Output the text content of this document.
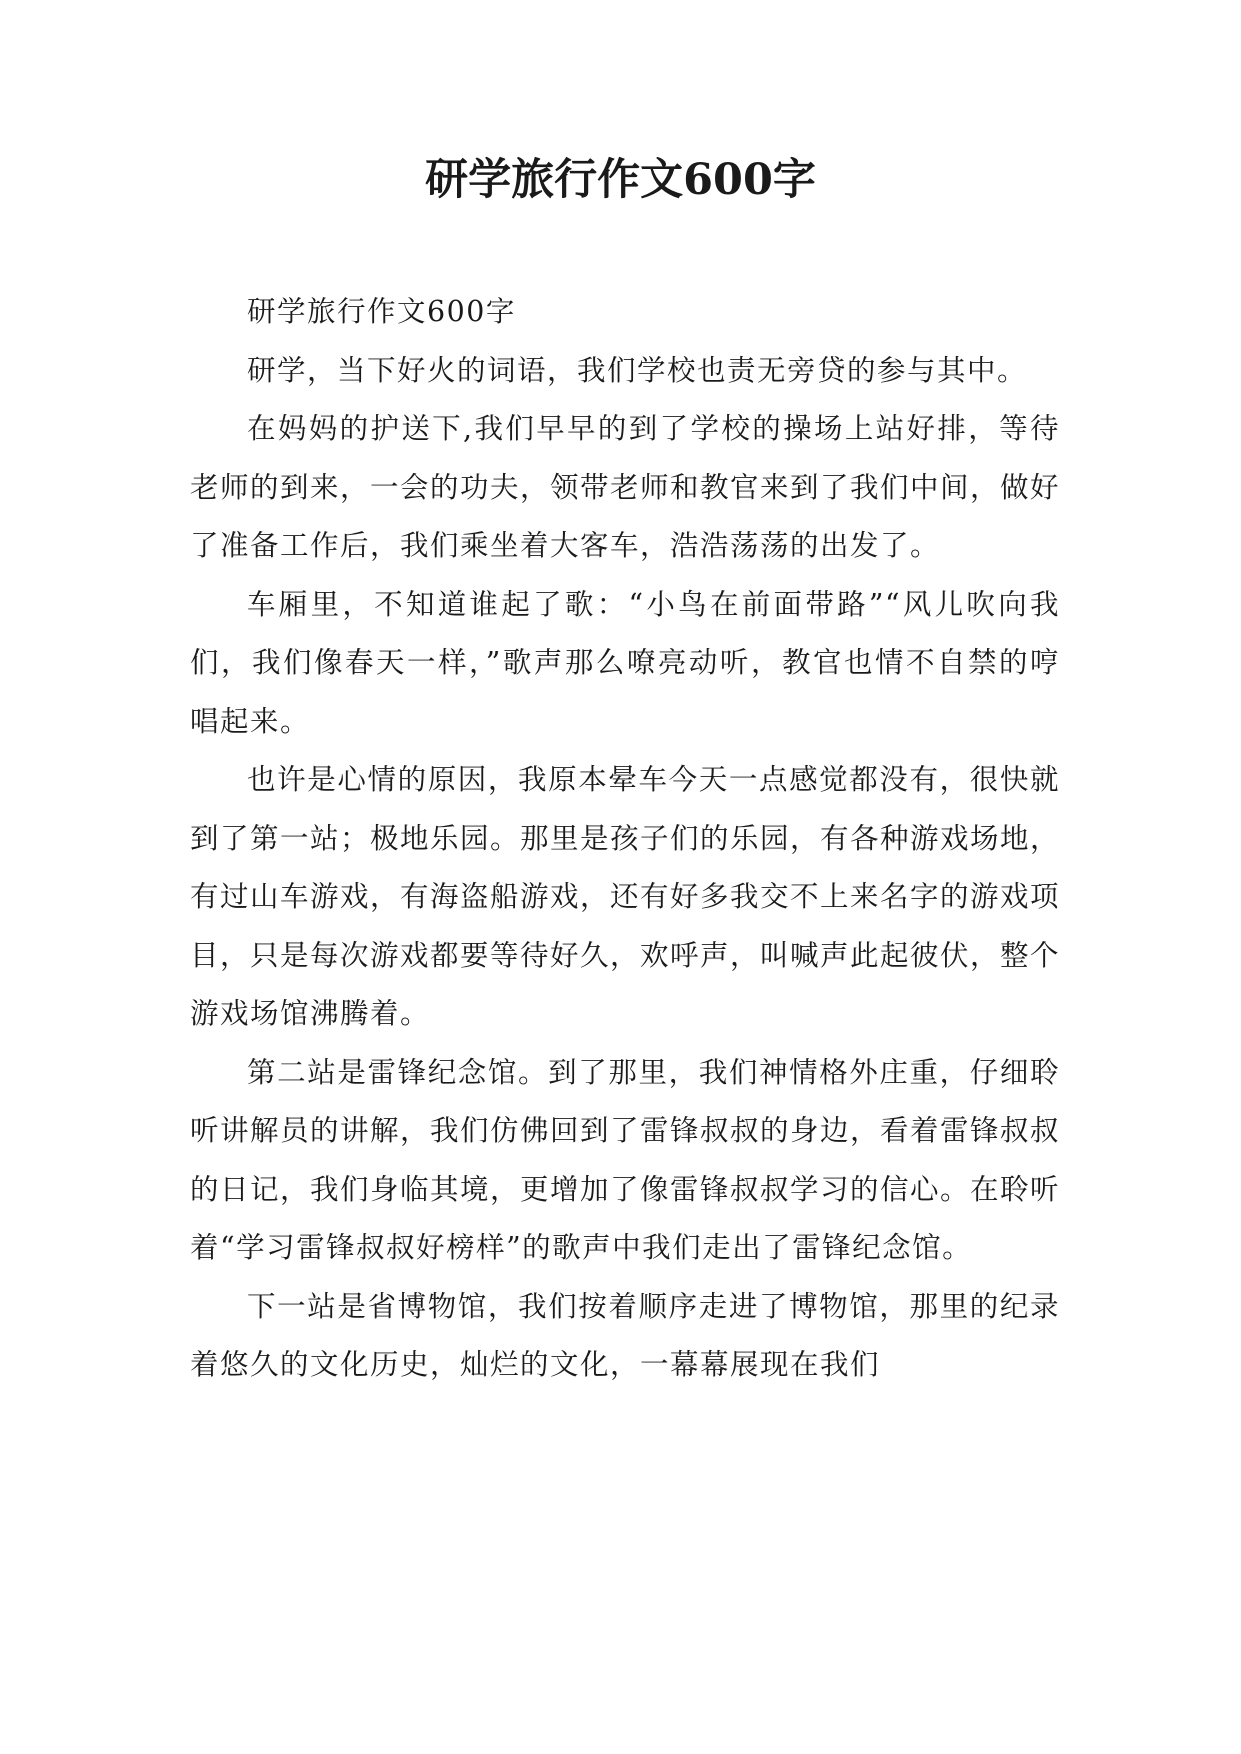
研学旅行作文600字

研学旅行作文600字

研学，当下好火的词语，我们学校也责无旁贷的参与其中。

在妈妈的护送下,我们早早的到了学校的操场上站好排，等待老师的到来，一会的功夫，领带老师和教官来到了我们中间，做好了准备工作后，我们乘坐着大客车，浩浩荡荡的出发了。

车厢里，不知道谁起了歌：“小鸟在前面带路”“风儿吹向我们，我们像春天一样，”歌声那么嘹亮动听，教官也情不自禁的哼唱起来。

也许是心情的原因，我原本晕车今天一点感觉都没有，很快就到了第一站；极地乐园。那里是孩子们的乐园，有各种游戏场地，有过山车游戏，有海盗船游戏，还有好多我交不上来名字的游戏项目，只是每次游戏都要等待好久，欢呼声，叫喊声此起彼伏，整个游戏场馆沸腾着。

第二站是雷锋纪念馆。到了那里，我们神情格外庄重，仔细聆听讲解员的讲解，我们仿佛回到了雷锋叔叔的身边，看着雷锋叔叔的日记，我们身临其境，更增加了像雷锋叔叔学习的信心。在聆听着“学习雷锋叔叔好榜样”的歌声中我们走出了雷锋纪念馆。

下一站是省博物馆，我们按着顺序走进了博物馆，那里的纪录着悠久的文化历史，灿烂的文化，一幕幕展现在我们
